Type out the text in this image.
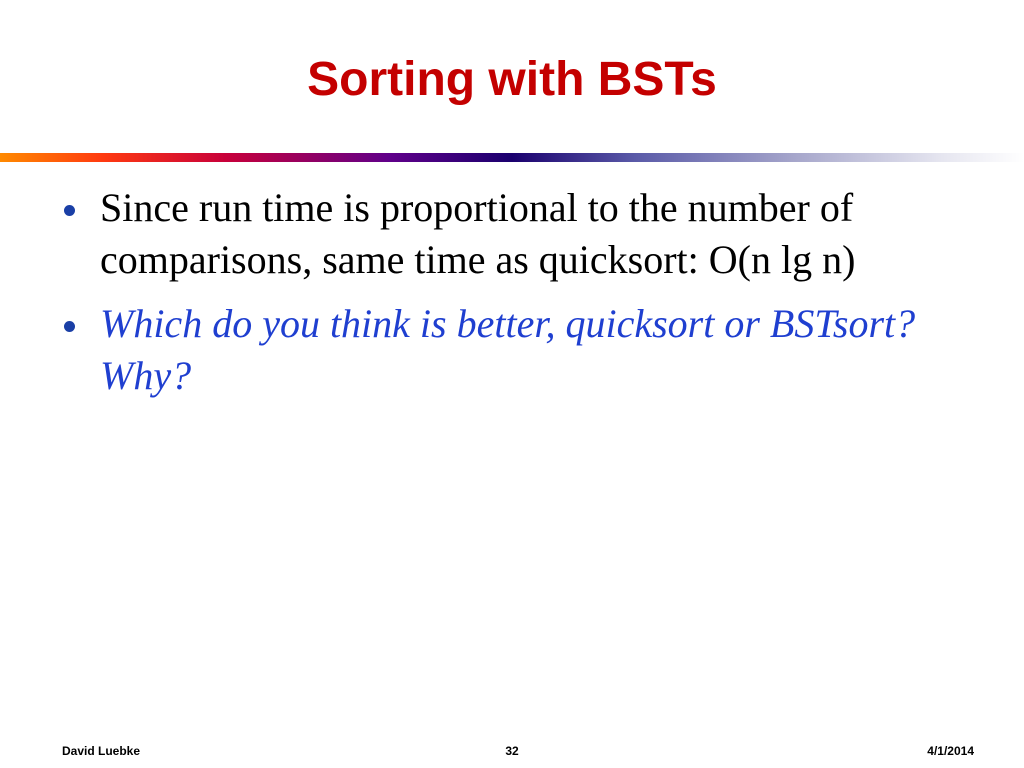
Sorting with BSTs
Since run time is proportional to the number of comparisons, same time as quicksort: O(n lg n)
Which do you think is better, quicksort or BSTsort? Why?
David Luebke	32	4/1/2014
